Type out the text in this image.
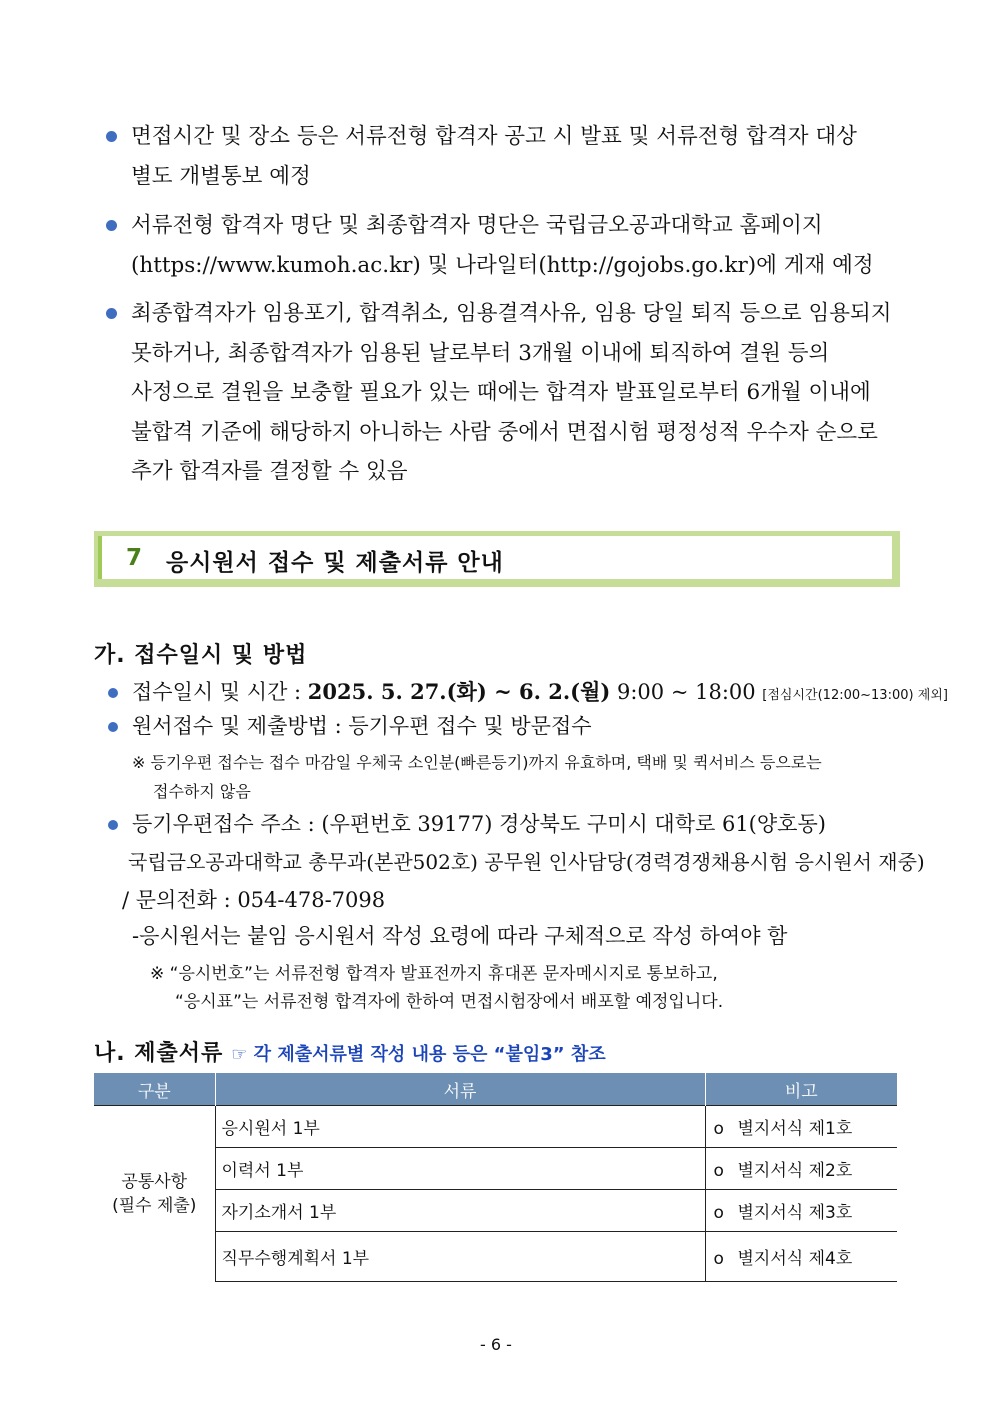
면접시간 및 장소 등은 서류전형 합격자 공고 시 발표 및 서류전형 합격자 대상
별도 개별통보 예정
서류전형 합격자 명단 및 최종합격자 명단은 국립금오공과대학교 홈페이지
(https://www.kumoh.ac.kr) 및 나라일터(http://gojobs.go.kr)에 게재 예정
최종합격자가 임용포기, 합격취소, 임용결격사유, 임용 당일 퇴직 등으로 임용되지
못하거나, 최종합격자가 임용된 날로부터 3개월 이내에 퇴직하여 결원 등의
사정으로 결원을 보충할 필요가 있는 때에는 합격자 발표일로부터 6개월 이내에
불합격 기준에 해당하지 아니하는 사람 중에서 면접시험 평정성적 우수자 순으로
추가 합격자를 결정할 수 있음
7 응시원서 접수 및 제출서류 안내
가. 접수일시 및 방법
접수일시 및 시간 : 2025. 5. 27.(화) ~ 6. 2.(월) 9:00 ~ 18:00 [점심시간(12:00~13:00) 제외]
원서접수 및 제출방법 : 등기우편 접수 및 방문접수
※ 등기우편 접수는 접수 마감일 우체국 소인분(빠른등기)까지 유효하며, 택배 및 퀵서비스 등으로는
접수하지 않음
등기우편접수 주소 : (우편번호 39177) 경상북도 구미시 대학로 61(양호동)
국립금오공과대학교 총무과(본관502호) 공무원 인사담당(경력경쟁채용시험 응시원서 재중)
/ 문의전화 : 054-478-7098
-응시원서는 붙임 응시원서 작성 요령에 따라 구체적으로 작성 하여야 함
※ “응시번호”는 서류전형 합격자 발표전까지 휴대폰 문자메시지로 통보하고,
“응시표”는 서류전형 합격자에 한하여 면접시험장에서 배포할 예정입니다.
나. 제출서류 ☞ 각 제출서류별 작성 내용 등은 “붙임3” 참조
구분	서류	비고
공통사항
(필수 제출)	응시원서 1부	o 별지서식 제1호
	이력서 1부	o 별지서식 제2호
	자기소개서 1부	o 별지서식 제3호
	직무수행계획서 1부	o 별지서식 제4호
- 6 -
